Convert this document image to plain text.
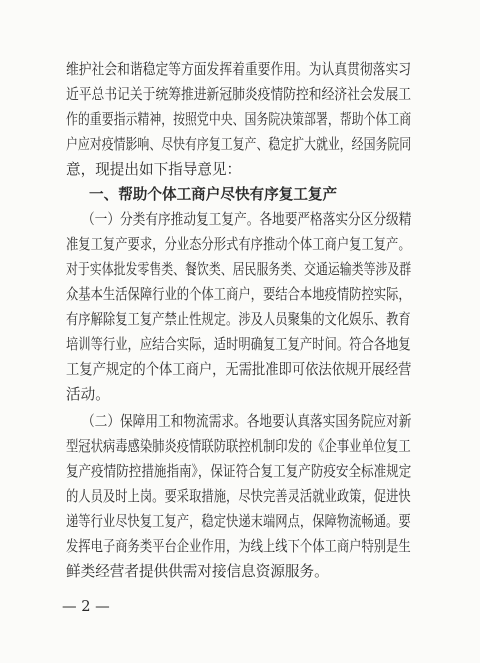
维护社会和谐稳定等方面发挥着重要作用。为认真贯彻落实习
近平总书记关于统筹推进新冠肺炎疫情防控和经济社会发展工
作的重要指示精神，按照党中央、国务院决策部署，帮助个体工商
户应对疫情影响、尽快有序复工复产、稳定扩大就业，经国务院同
意，现提出如下指导意见：
一、帮助个体工商户尽快有序复工复产
（一）分类有序推动复工复产。各地要严格落实分区分级精
准复工复产要求，分业态分形式有序推动个体工商户复工复产。
对于实体批发零售类、餐饮类、居民服务类、交通运输类等涉及群
众基本生活保障行业的个体工商户，要结合本地疫情防控实际，
有序解除复工复产禁止性规定。涉及人员聚集的文化娱乐、教育
培训等行业，应结合实际，适时明确复工复产时间。符合各地复
工复产规定的个体工商户，无需批准即可依法依规开展经营
活动。
（二）保障用工和物流需求。各地要认真落实国务院应对新
型冠状病毒感染肺炎疫情联防联控机制印发的《企事业单位复工
复产疫情防控措施指南》，保证符合复工复产防疫安全标准规定
的人员及时上岗。要采取措施，尽快完善灵活就业政策，促进快
递等行业尽快复工复产，稳定快递末端网点，保障物流畅通。要
发挥电子商务类平台企业作用，为线上线下个体工商户特别是生
鲜类经营者提供供需对接信息资源服务。
— 2 —
